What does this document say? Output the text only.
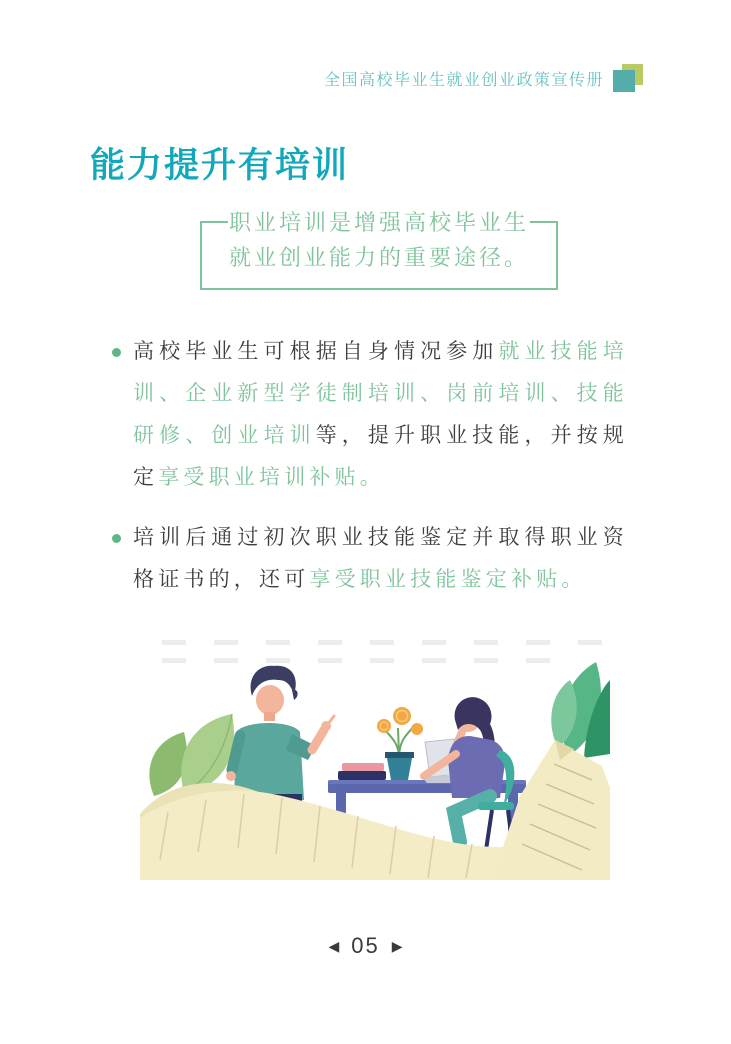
全国高校毕业生就业创业政策宣传册
能力提升有培训
职业培训是增强高校毕业生
就业创业能力的重要途径。
高校毕业生可根据自身情况参加就业技能培训、企业新型学徒制培训、岗前培训、技能研修、创业培训等，提升职业技能，并按规定享受职业培训补贴。
培训后通过初次职业技能鉴定并取得职业资格证书的，还可享受职业技能鉴定补贴。
◀ 05 ▶
